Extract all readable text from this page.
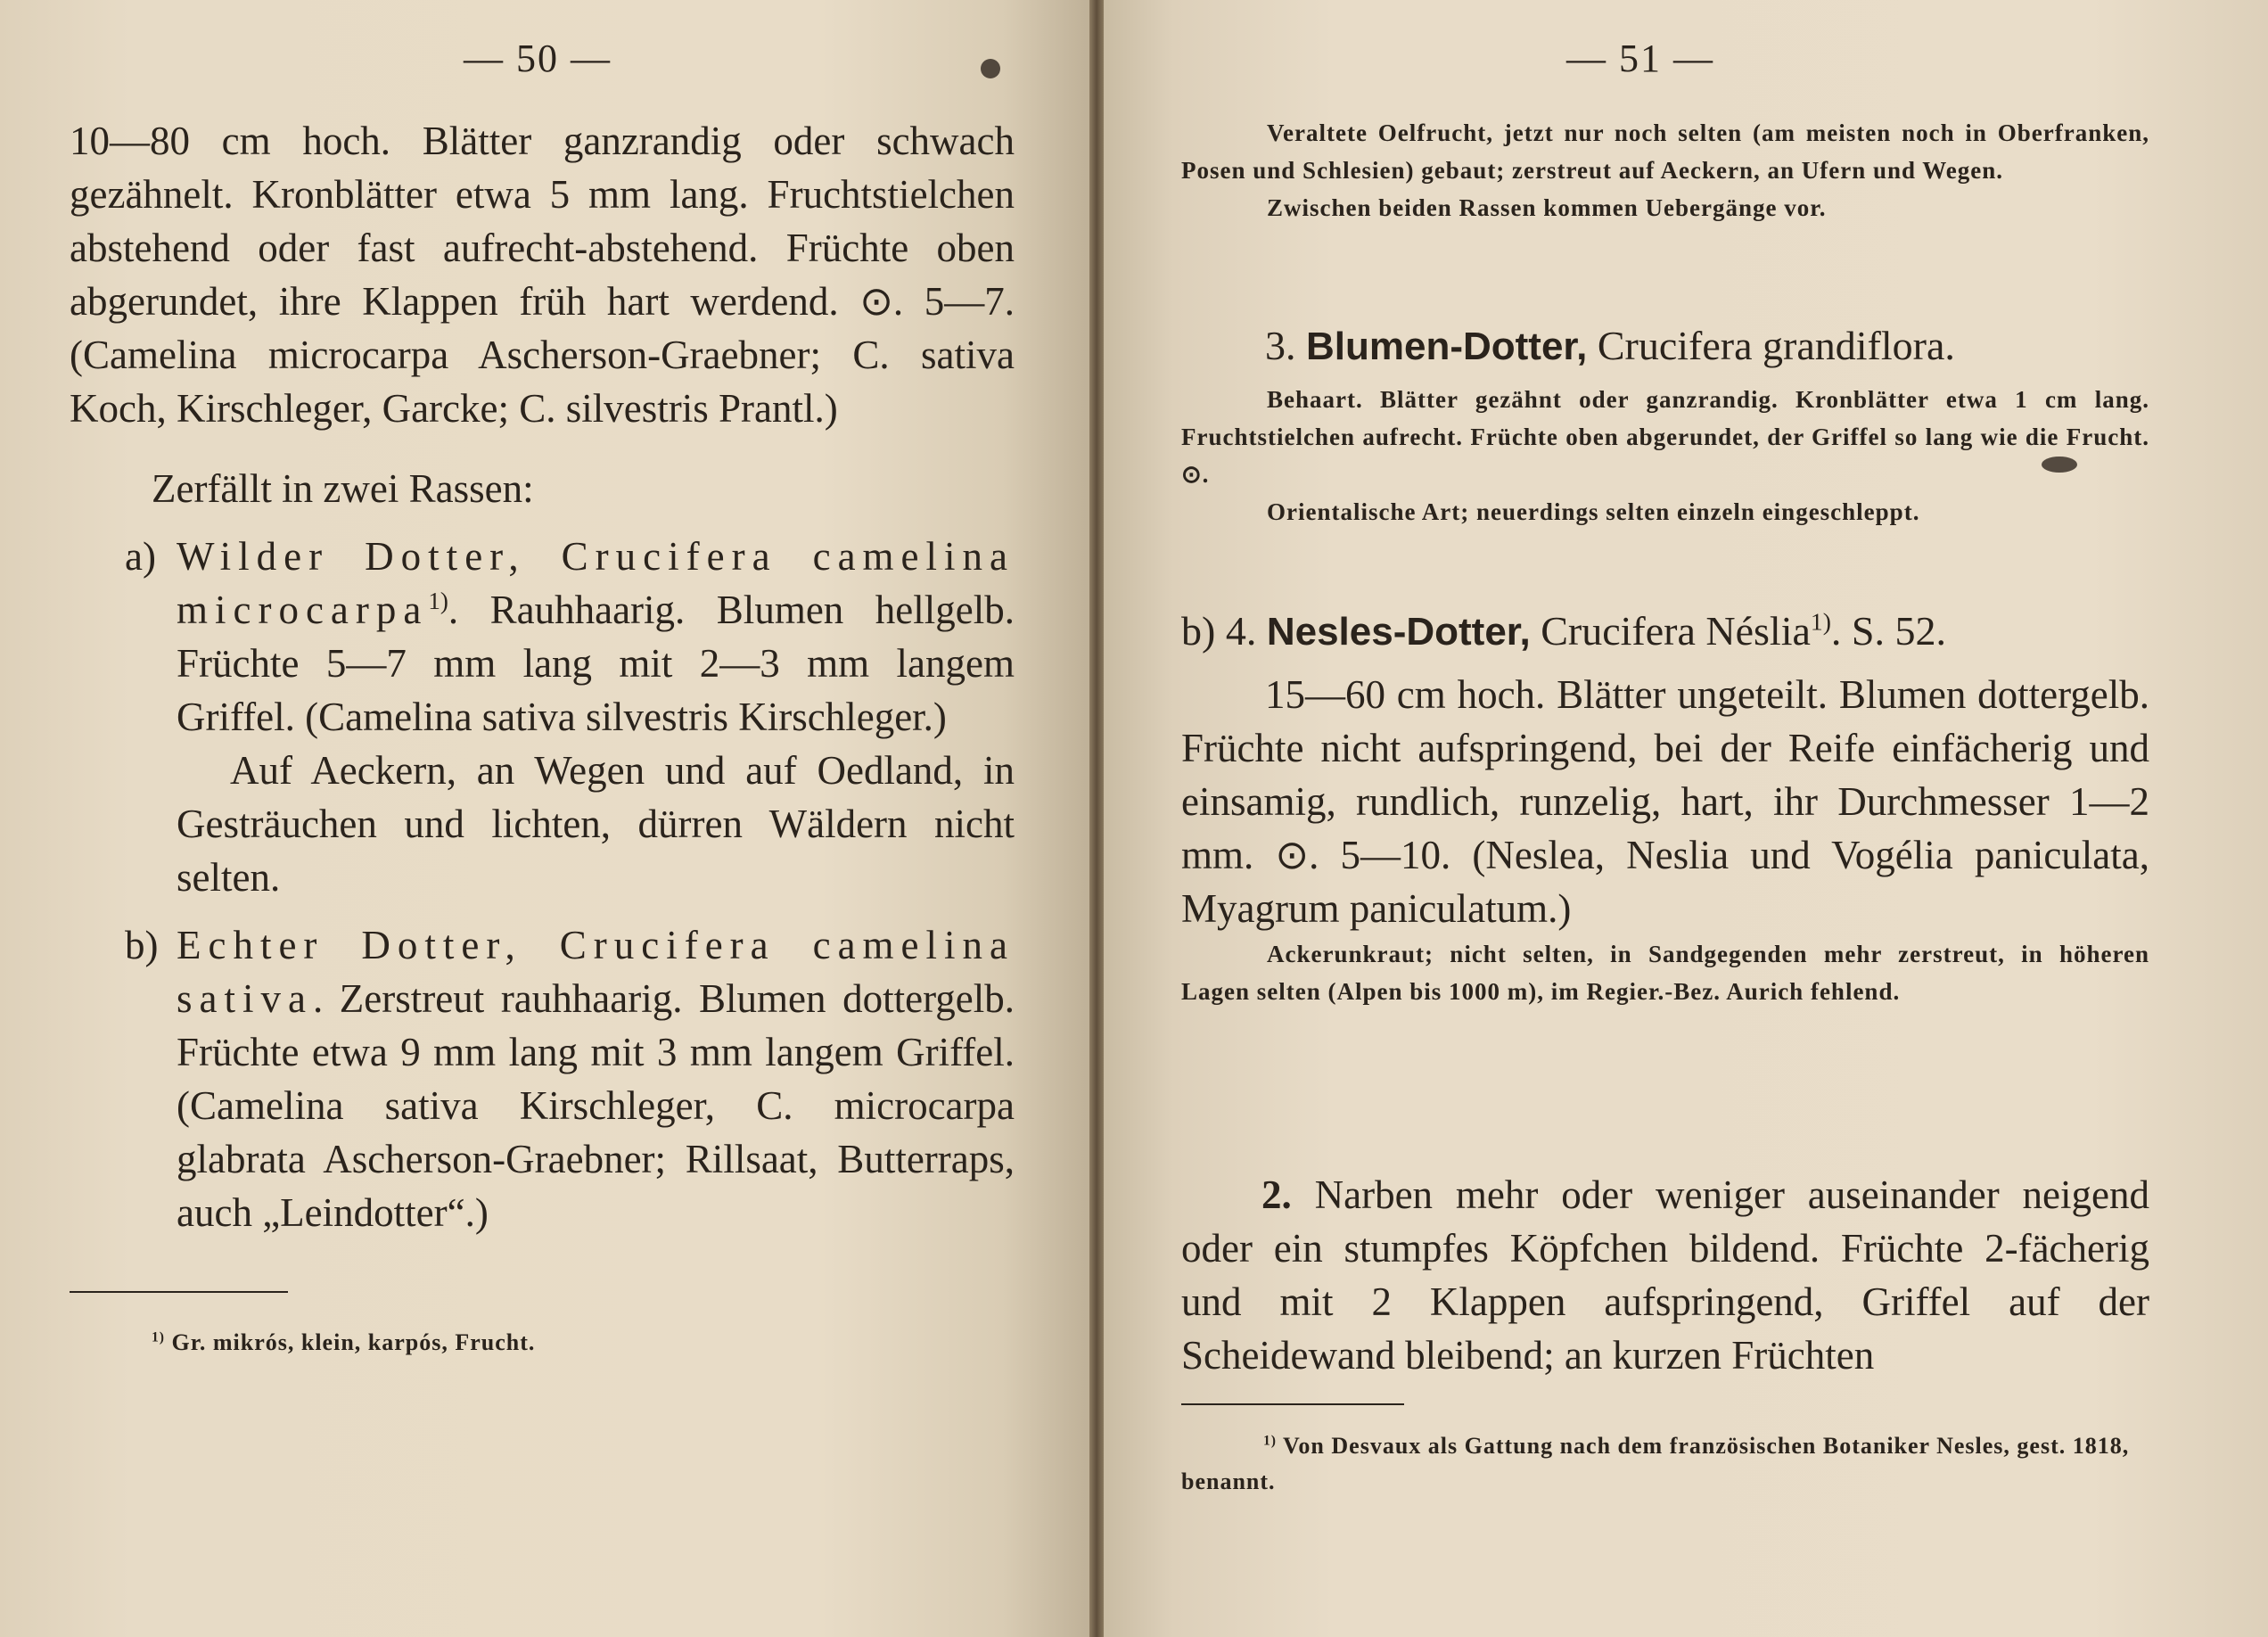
— 50 —

10—80 cm hoch. Blätter ganzrandig oder schwach gezähnelt. Kronblätter etwa 5 mm lang. Fruchtstielchen abstehend oder fast aufrecht-abstehend. Früchte oben abgerundet, ihre Klappen früh hart werdend. ⊙. 5—7. (Camelina microcarpa Ascherson-Graebner; C. sativa Koch, Kirschleger, Garcke; C. silvestris Prantl.)

Zerfällt in zwei Rassen:

a) Wilder Dotter, Crucifera camelina microcarpa$^{1)}$. Rauhhaarig. Blumen hellgelb. Früchte 5—7 mm lang mit 2—3 mm langem Griffel. (Camelina sativa silvestris Kirschleger.)

Auf Aeckern, an Wegen und auf Oedland, in Gesträuchen und lichten, dürren Wäldern nicht selten.

b) Echter Dotter, Crucifera camelina sativa. Zerstreut rauhhaarig. Blumen dottergelb. Früchte etwa 9 mm lang mit 3 mm langem Griffel. (Camelina sativa Kirschleger, C. microcarpa glabrata Ascherson-Graebner; Rillsaat, Butterraps, auch „Leindotter“.)

$^{1)}$ Gr. mikrós, klein, karpós, Frucht.

— 51 —

Veraltete Oelfrucht, jetzt nur noch selten (am meisten noch in Oberfranken, Posen und Schlesien) gebaut; zerstreut auf Aeckern, an Ufern und Wegen.

Zwischen beiden Rassen kommen Uebergänge vor.

3. Blumen-Dotter, Crucifera grandiflora.

Behaart. Blätter gezähnt oder ganzrandig. Kronblätter etwa 1 cm lang. Fruchtstielchen aufrecht. Früchte oben abgerundet, der Griffel so lang wie die Frucht. ⊙.

Orientalische Art; neuerdings selten einzeln eingeschleppt.

b) 4. Nesles-Dotter, Crucifera Néslia$^{1)}$. S. 52.

15—60 cm hoch. Blätter ungeteilt. Blumen dottergelb. Früchte nicht aufspringend, bei der Reife einfächerig und einsamig, rundlich, runzelig, hart, ihr Durchmesser 1—2 mm. ⊙. 5—10. (Neslea, Neslia und Vogélia paniculata, Myagrum paniculatum.)

Ackerunkraut; nicht selten, in Sandgegenden mehr zerstreut, in höheren Lagen selten (Alpen bis 1000 m), im Regier.-Bez. Aurich fehlend.

2. Narben mehr oder weniger auseinander neigend oder ein stumpfes Köpfchen bildend. Früchte 2-fächerig und mit 2 Klappen aufspringend, Griffel auf der Scheidewand bleibend; an kurzen Früchten

$^{1)}$ Von Desvaux als Gattung nach dem französischen Botaniker Nesles, gest. 1818, benannt.
